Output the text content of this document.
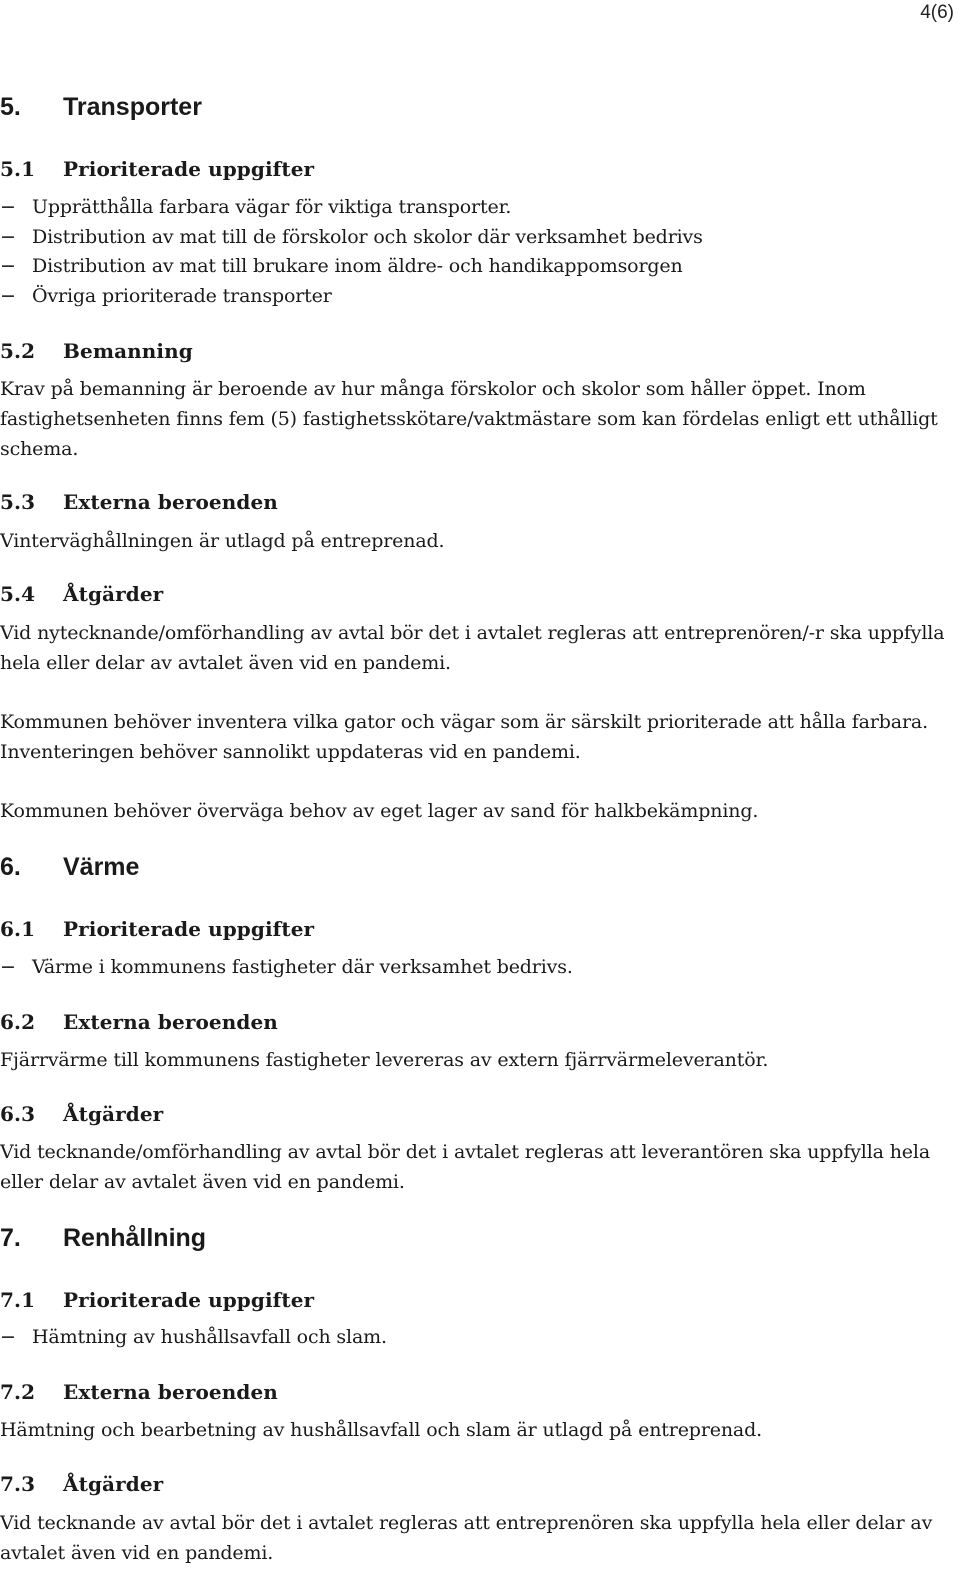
4(6)
5. Transporter
5.1 Prioriterade uppgifter
− Upprätthålla farbara vägar för viktiga transporter.
− Distribution av mat till de förskolor och skolor där verksamhet bedrivs
− Distribution av mat till brukare inom äldre- och handikappomsorgen
− Övriga prioriterade transporter
5.2 Bemanning

Krav på bemanning är beroende av hur många förskolor och skolor som håller öppet. Inom fastighetsenheten finns fem (5) fastighetsskötare/vaktmästare som kan fördelas enligt ett uthålligt schema.

5.3 Externa beroenden

Vinterväghållningen är utlagd på entreprenad.

5.4 Åtgärder

Vid nytecknande/omförhandling av avtal bör det i avtalet regleras att entreprenören/-r ska uppfylla hela eller delar av avtalet även vid en pandemi.

Kommunen behöver inventera vilka gator och vägar som är särskilt prioriterade att hålla farbara. Inventeringen behöver sannolikt uppdateras vid en pandemi.

Kommunen behöver överväga behov av eget lager av sand för halkbekämpning.

6. Värme
6.1 Prioriterade uppgifter
− Värme i kommunens fastigheter där verksamhet bedrivs.
6.2 Externa beroenden

Fjärrvärme till kommunens fastigheter levereras av extern fjärrvärmeleverantör.

6.3 Åtgärder

Vid tecknande/omförhandling av avtal bör det i avtalet regleras att leverantören ska uppfylla hela eller delar av avtalet även vid en pandemi.

7. Renhållning
7.1 Prioriterade uppgifter
− Hämtning av hushållsavfall och slam.
7.2 Externa beroenden

Hämtning och bearbetning av hushållsavfall och slam är utlagd på entreprenad.

7.3 Åtgärder

Vid tecknande av avtal bör det i avtalet regleras att entreprenören ska uppfylla hela eller delar av avtalet även vid en pandemi.
